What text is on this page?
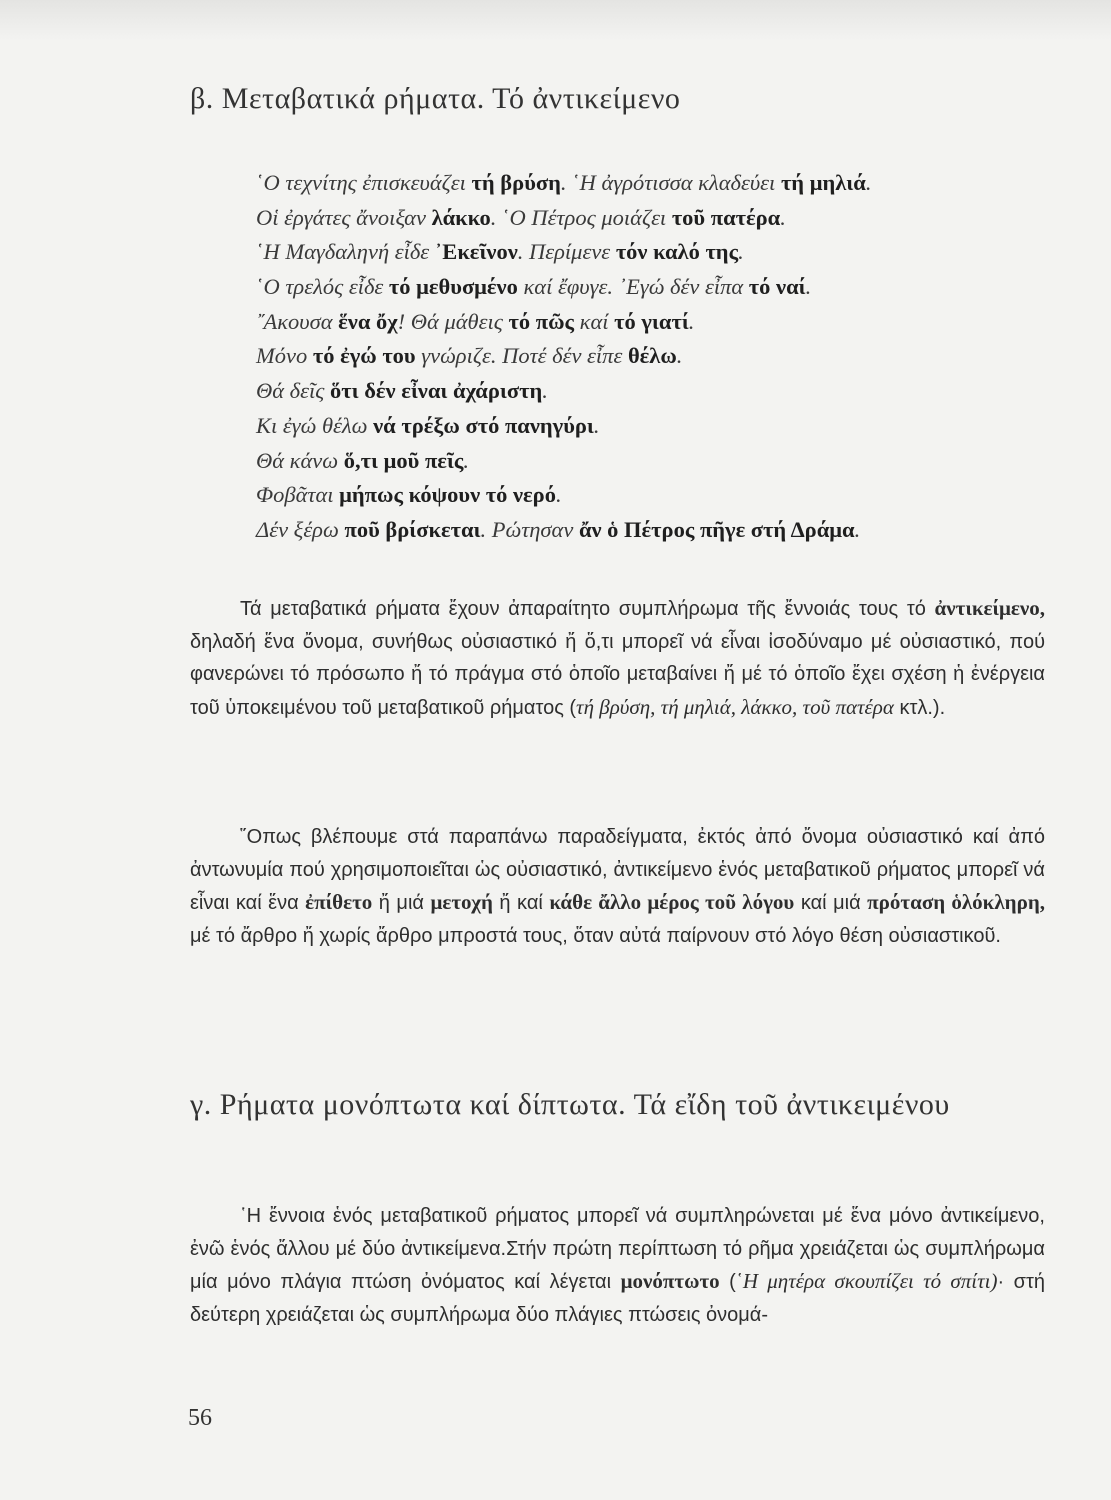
β. Μεταβατικά ρήματα. Τό ἀντικείμενο
῾Ο τεχνίτης ἐπισκευάζει τή βρύση. ῾Η ἀγρότισσα κλαδεύει τή μηλιά.
Οἱ ἐργάτες ἄνοιξαν λάκκο. ῾Ο Πέτρος μοιάζει τοῦ πατέρα.
῾Η Μαγδαληνή εἶδε ᾿Εκεῖνον. Περίμενε τόν καλό της.
῾Ο τρελός εἶδε τό μεθυσμένο καί ἔφυγε. ᾿Εγώ δέν εἶπα τό ναί.
῎Ακουσα ἕνα ὄχ! Θά μάθεις τό πῶς καί τό γιατί.
Μόνο τό ἐγώ του γνώριζε. Ποτέ δέν εἶπε θέλω.
Θά δεῖς ὅτι δέν εἶναι ἀχάριστη.
Κι ἐγώ θέλω νά τρέξω στό πανηγύρι.
Θά κάνω ὅ,τι μοῦ πεῖς.
Φοβᾶται μήπως κόψουν τό νερό.
Δέν ξέρω ποῦ βρίσκεται. Ρώτησαν ἄν ὁ Πέτρος πῆγε στή Δράμα.

Τά μεταβατικά ρήματα ἔχουν ἀπαραίτητο συμπλήρωμα τῆς ἔννοιάς τους τό ἀντικείμενο, δηλαδή ἕνα ὄνομα, συνήθως οὐσιαστικό ἤ ὅ,τι μπορεῖ νά εἶναι ἰσοδύναμο μέ οὐσιαστικό, πού φανερώνει τό πρόσωπο ἤ τό πράγμα στό ὁποῖο μεταβαίνει ἤ μέ τό ὁποῖο ἔχει σχέση ἡ ἐνέργεια τοῦ ὑποκειμένου τοῦ μεταβατικοῦ ρήματος (τή βρύση, τή μηλιά, λάκκο, τοῦ πατέρα κτλ.).

῞Οπως βλέπουμε στά παραπάνω παραδείγματα, ἐκτός ἀπό ὄνομα οὐσιαστικό καί ἀπό ἀντωνυμία πού χρησιμοποιεῖται ὡς οὐσιαστικό, ἀντικείμενο ἑνός μεταβατικοῦ ρήματος μπορεῖ νά εἶναι καί ἕνα ἐπίθετο ἤ μιά μετοχή ἤ καί κάθε ἄλλο μέρος τοῦ λόγου καί μιά πρόταση ὁλόκληρη, μέ τό ἄρθρο ἤ χωρίς ἄρθρο μπροστά τους, ὅταν αὐτά παίρνουν στό λόγο θέση οὐσιαστικοῦ.

γ. Ρήματα μονόπτωτα καί δίπτωτα. Τά εἴδη τοῦ ἀντικειμένου

῾Η ἔννοια ἑνός μεταβατικοῦ ρήματος μπορεῖ νά συμπληρώνεται μέ ἕνα μόνο ἀντικείμενο, ἐνῶ ἑνός ἄλλου μέ δύο ἀντικείμενα.Στήν πρώτη περίπτωση τό ρῆμα χρειάζεται ὡς συμπλήρωμα μία μόνο πλάγια πτώση ὀνόματος καί λέγεται μονόπτωτο (῾Η μητέρα σκουπίζει τό σπίτι)· στή δεύτερη χρειάζεται ὡς συμπλήρωμα δύο πλάγιες πτώσεις ὀνομά-

56
